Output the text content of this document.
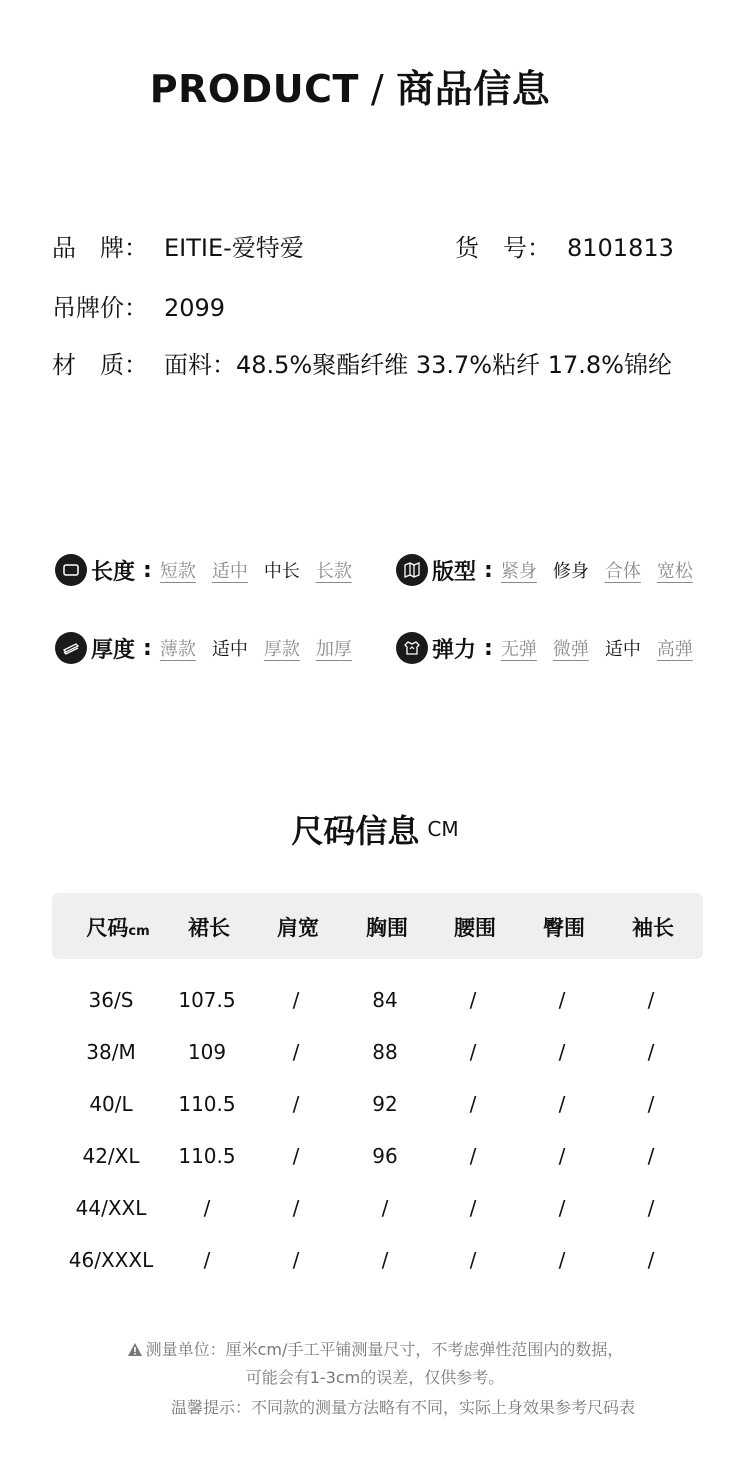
PRODUCT / 商品信息
品　牌： EITIE-爱特爱	货　号： 8101813
吊牌价： 2099
材　质： 面料：48.5%聚酯纤维 33.7%粘纤 17.8%锦纶
长度 : 短款 适中 中长 长款	版型 : 紧身 修身 合体 宽松
厚度 : 薄款 适中 厚款 加厚	弹力 : 无弹 微弹 适中 高弹
尺码信息 CM
尺码cm	裙长	肩宽	胸围	腰围	臀围	袖长
36/S	107.5	/	84	/	/	/
38/M	109	/	88	/	/	/
40/L	110.5	/	92	/	/	/
42/XL	110.5	/	96	/	/	/
44/XXL	/	/	/	/	/	/
46/XXXL	/	/	/	/	/	/
测量单位：厘米cm/手工平铺测量尺寸，不考虑弹性范围内的数据，
可能会有1-3cm的误差，仅供参考。
温馨提示：不同款的测量方法略有不同，实际上身效果参考尺码表
